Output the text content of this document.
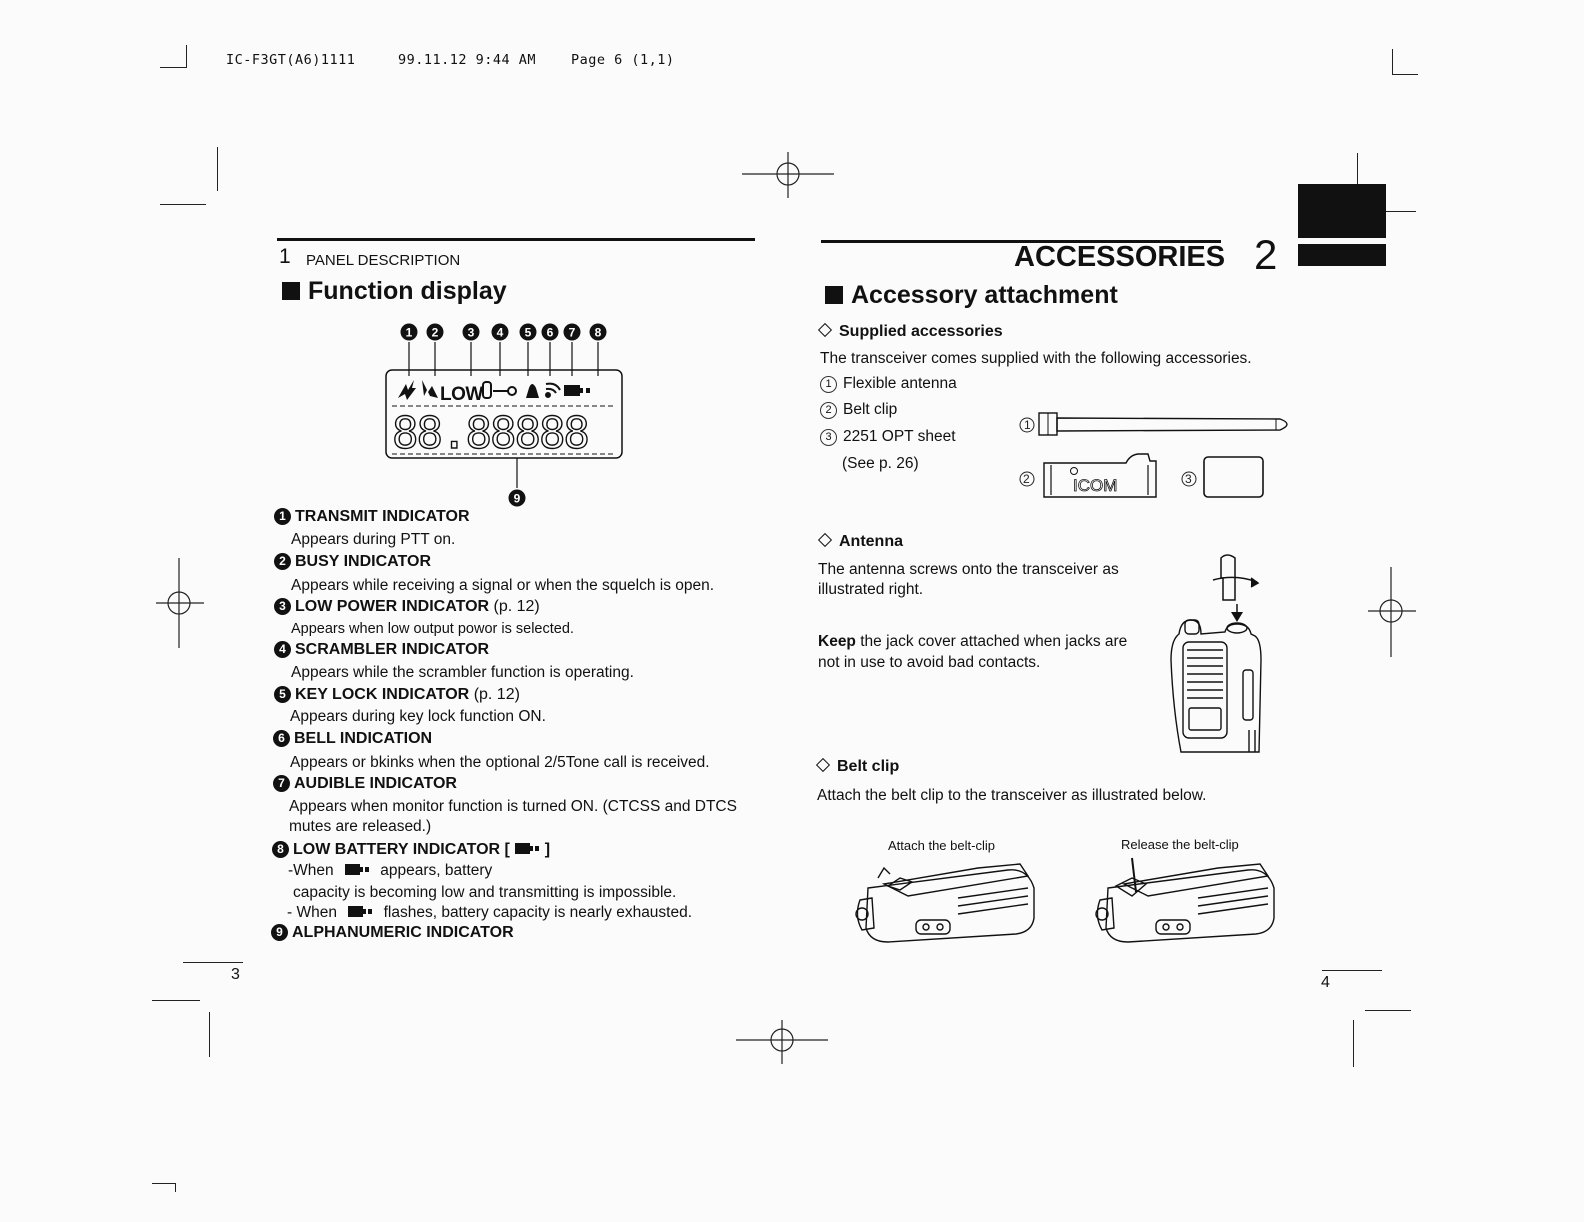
IC-F3GT(A6)1111	99.11.12 9:44 AM	Page 6 (1,1)
1 PANEL DESCRIPTION
Function display
1 2 3 4 5 6 7 8
9
LOW
88.88888
1 TRANSMIT INDICATOR
Appears during PTT on.
2 BUSY INDICATOR
Appears while receiving a signal or when the squelch is open.
3 LOW POWER INDICATOR (p. 12)
Appears when low output powor is selected.
4 SCRAMBLER INDICATOR
Appears while the scrambler function is operating.
5 KEY LOCK INDICATOR (p. 12)
Appears during key lock function ON.
6 BELL INDICATION
Appears or bkinks when the optional 2/5Tone call is received.
7 AUDIBLE INDICATOR
Appears when monitor function is turned ON. (CTCSS and DTCS
mutes are released.)
8 LOW BATTERY INDICATOR [ ]
-When	appears, battery
capacity is becoming low and transmitting is impossible.
- When	flashes, battery capacity is nearly exhausted.
9 ALPHANUMERIC INDICATOR
3
ACCESSORIES 2
Accessory attachment
Supplied accessories
The transceiver comes supplied with the following accessories.
1 Flexible antenna
2 Belt clip
3 2251 OPT sheet
(See p. 26)
1
2	ICOM	3
Antenna
The antenna screws onto the transceiver as
illustrated right.
Keep the jack cover attached when jacks are
not in use to avoid bad contacts.
Belt clip
Attach the belt clip to the transceiver as illustrated below.
Attach the belt-clip	Release the belt-clip
4
